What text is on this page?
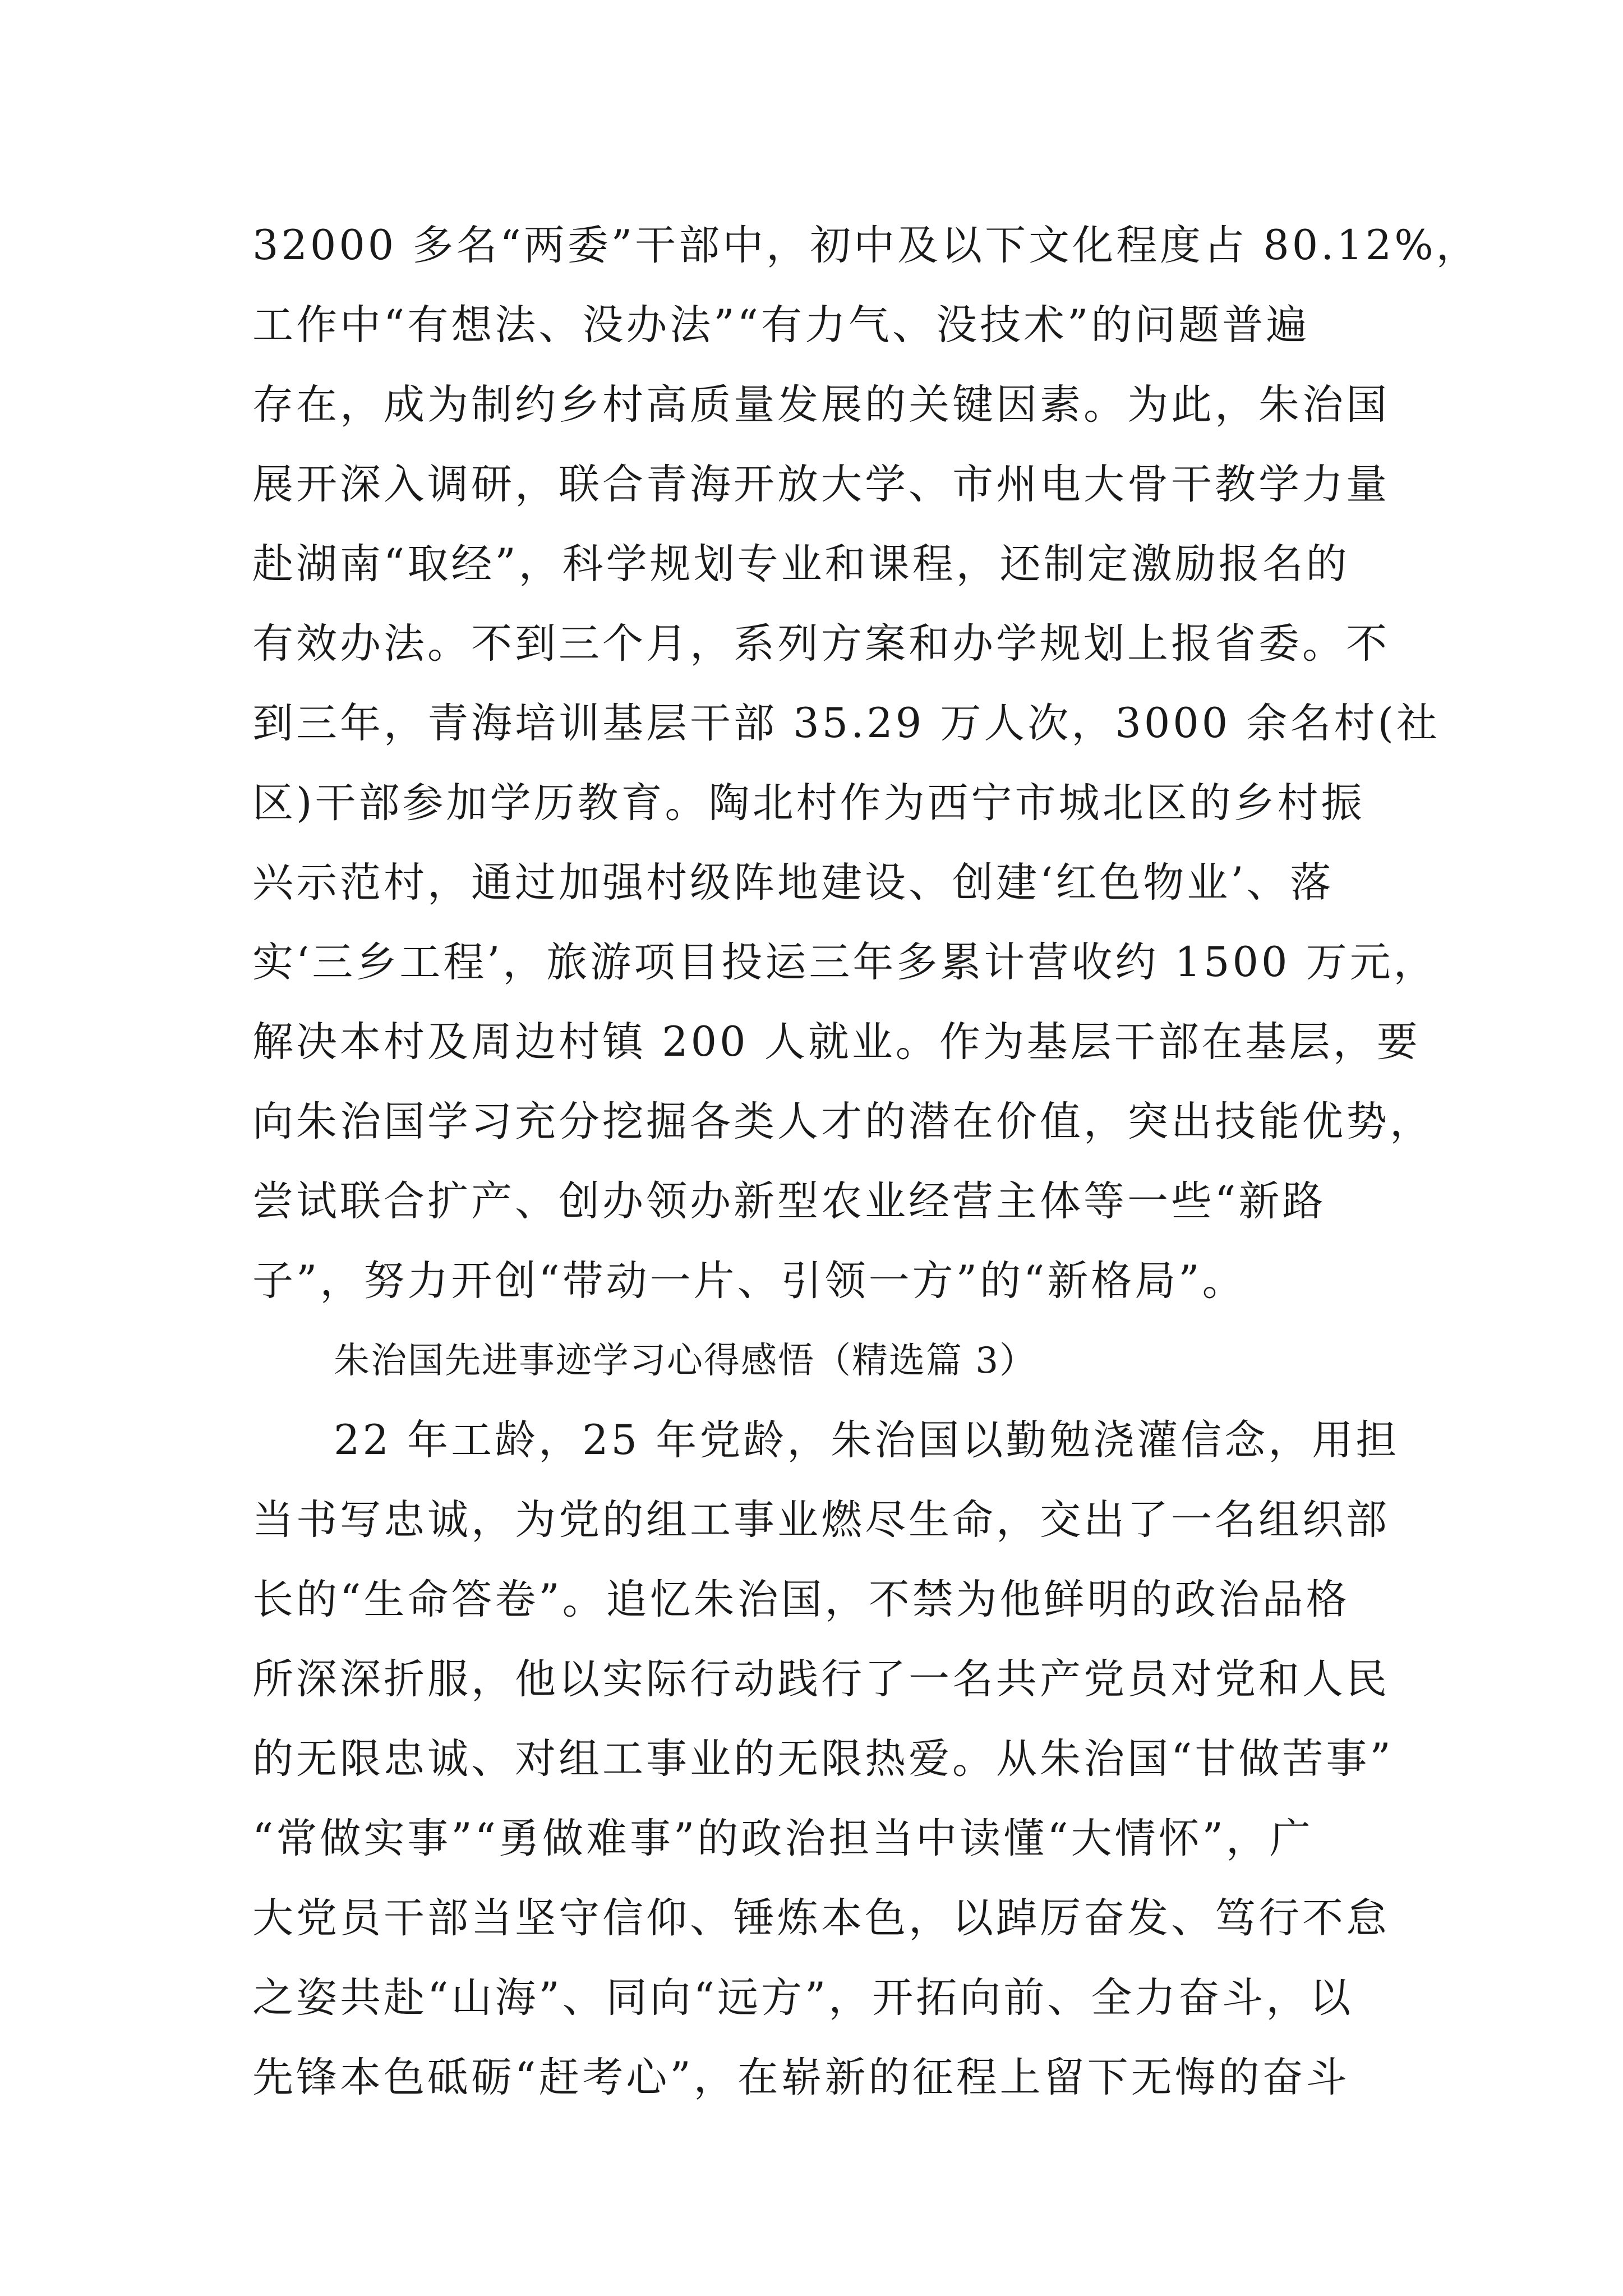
32000 多名“两委”干部中，初中及以下文化程度占 80.12%，
工作中“有想法、没办法”“有力气、没技术”的问题普遍
存在，成为制约乡村高质量发展的关键因素。为此，朱治国
展开深入调研，联合青海开放大学、市州电大骨干教学力量
赴湖南“取经”，科学规划专业和课程，还制定激励报名的
有效办法。不到三个月，系列方案和办学规划上报省委。不
到三年，青海培训基层干部 35.29 万人次，3000 余名村(社
区)干部参加学历教育。陶北村作为西宁市城北区的乡村振
兴示范村，通过加强村级阵地建设、创建‘红色物业’、落
实‘三乡工程’，旅游项目投运三年多累计营收约 1500 万元，
解决本村及周边村镇 200 人就业。作为基层干部在基层，要
向朱治国学习充分挖掘各类人才的潜在价值，突出技能优势，
尝试联合扩产、创办领办新型农业经营主体等一些“新路
子”，努力开创“带动一片、引领一方”的“新格局”。
朱治国先进事迹学习心得感悟（精选篇 3）
22 年工龄，25 年党龄，朱治国以勤勉浇灌信念，用担
当书写忠诚，为党的组工事业燃尽生命，交出了一名组织部
长的“生命答卷”。追忆朱治国，不禁为他鲜明的政治品格
所深深折服，他以实际行动践行了一名共产党员对党和人民
的无限忠诚、对组工事业的无限热爱。从朱治国“甘做苦事”
“常做实事”“勇做难事”的政治担当中读懂“大情怀”，广
大党员干部当坚守信仰、锤炼本色，以踔厉奋发、笃行不怠
之姿共赴“山海”、同向“远方”，开拓向前、全力奋斗，以
先锋本色砥砺“赶考心”，在崭新的征程上留下无悔的奋斗
